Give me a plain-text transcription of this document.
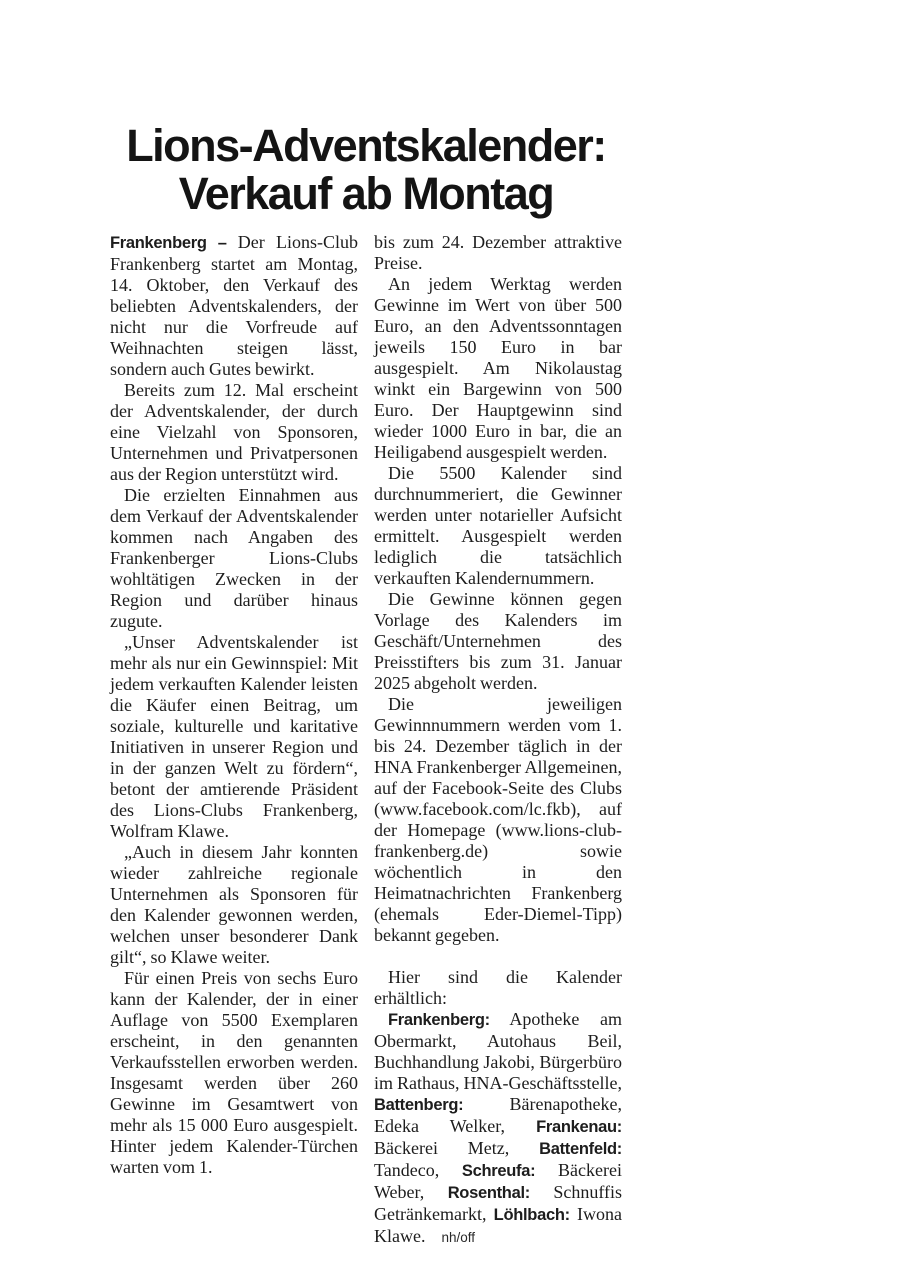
Lions-Adventskalender:
Verkauf ab Montag

Frankenberg – Der Lions-Club Frankenberg startet am Montag, 14. Oktober, den Verkauf des beliebten Adventskalenders, der nicht nur die Vorfreude auf Weihnachten steigen lässt, sondern auch Gutes bewirkt.

Bereits zum 12. Mal erscheint der Adventskalender, der durch eine Vielzahl von Sponsoren, Unternehmen und Privatpersonen aus der Region unterstützt wird.

Die erzielten Einnahmen aus dem Verkauf der Adventskalender kommen nach Angaben des Frankenberger Lions-Clubs wohltätigen Zwecken in der Region und darüber hinaus zugute.

„Unser Adventskalender ist mehr als nur ein Gewinnspiel: Mit jedem verkauften Kalender leisten die Käufer einen Beitrag, um soziale, kulturelle und karitative Initiativen in unserer Region und in der ganzen Welt zu fördern“, betont der amtierende Präsident des Lions-Clubs Frankenberg, Wolfram Klawe.

„Auch in diesem Jahr konnten wieder zahlreiche regionale Unternehmen als Sponsoren für den Kalender gewonnen werden, welchen unser besonderer Dank gilt“, so Klawe weiter.

Für einen Preis von sechs Euro kann der Kalender, der in einer Auflage von 5500 Exemplaren erscheint, in den genannten Verkaufsstellen erworben werden. Insgesamt werden über 260 Gewinne im Gesamtwert von mehr als 15 000 Euro ausgespielt. Hinter jedem Kalender-Türchen warten vom 1.

bis zum 24. Dezember attraktive Preise.

An jedem Werktag werden Gewinne im Wert von über 500 Euro, an den Adventssonntagen jeweils 150 Euro in bar ausgespielt. Am Nikolaustag winkt ein Bargewinn von 500 Euro. Der Hauptgewinn sind wieder 1000 Euro in bar, die an Heiligabend ausgespielt werden.

Die 5500 Kalender sind durchnummeriert, die Gewinner werden unter notarieller Aufsicht ermittelt. Ausgespielt werden lediglich die tatsächlich verkauften Kalendernummern.

Die Gewinne können gegen Vorlage des Kalenders im Geschäft/Unternehmen des Preisstifters bis zum 31. Januar 2025 abgeholt werden.

Die jeweiligen Gewinnnummern werden vom 1. bis 24. Dezember täglich in der HNA Frankenberger Allgemeinen, auf der Facebook-Seite des Clubs (www.facebook.com/lc.fkb), auf der Homepage (www.lions-club-frankenberg.de) sowie wöchentlich in den Heimatnachrichten Frankenberg (ehemals Eder-Diemel-Tipp) bekannt gegeben.

Hier sind die Kalender erhältlich:

Frankenberg: Apotheke am Obermarkt, Autohaus Beil, Buchhandlung Jakobi, Bürgerbüro im Rathaus, HNA-Geschäftsstelle, Battenberg: Bärenapotheke, Edeka Welker, Frankenau: Bäckerei Metz, Battenfeld: Tandeco, Schreufa: Bäckerei Weber, Rosenthal: Schnuffis Getränkemarkt, Löhlbach: Iwona Klawe. nh/off
